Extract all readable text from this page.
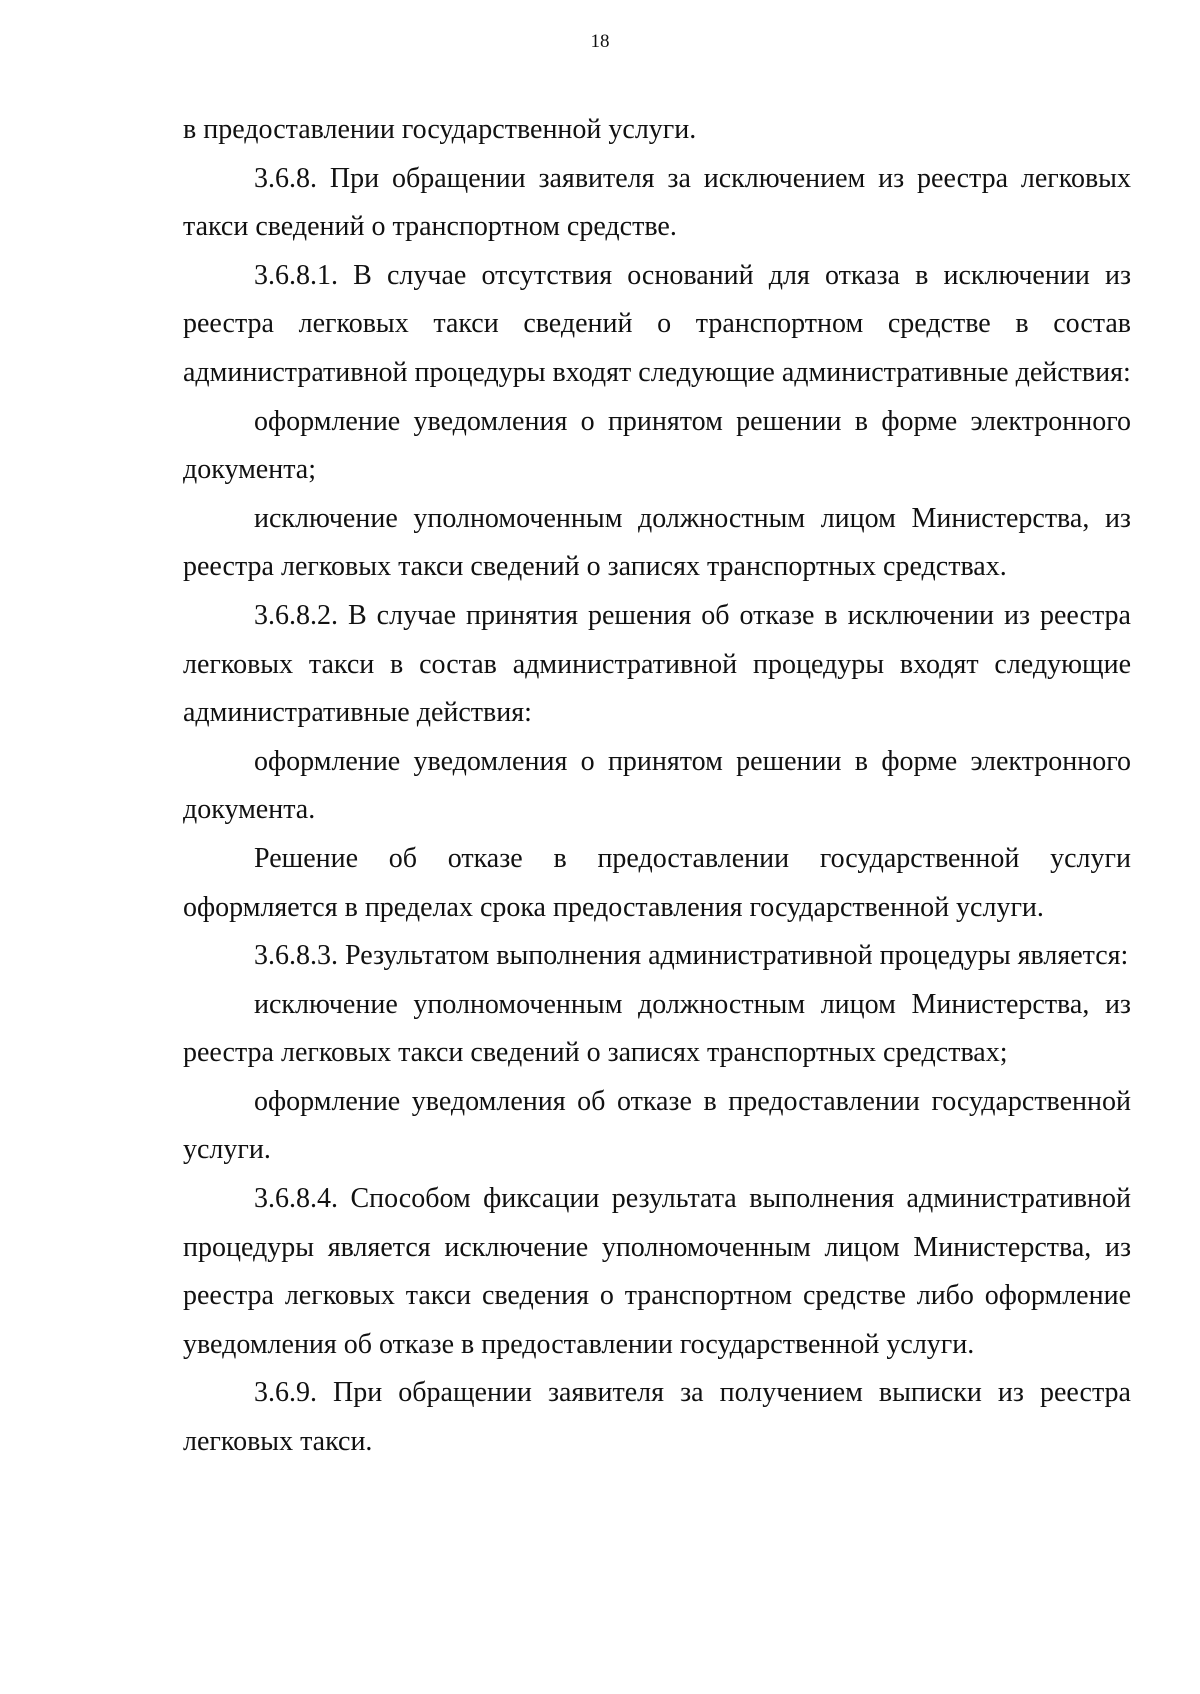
18

в предоставлении государственной услуги.

3.6.8. При обращении заявителя за исключением из реестра легковых такси сведений о транспортном средстве.

3.6.8.1. В случае отсутствия оснований для отказа в исключении из реестра легковых такси сведений о транспортном средстве в состав административной процедуры входят следующие административные действия:

оформление уведомления о принятом решении в форме электронного документа;

исключение уполномоченным должностным лицом Министерства, из реестра легковых такси сведений о записях транспортных средствах.

3.6.8.2. В случае принятия решения об отказе в исключении из реестра легковых такси в состав административной процедуры входят следующие административные действия:

оформление уведомления о принятом решении в форме электронного документа.

Решение об отказе в предоставлении государственной услуги оформляется в пределах срока предоставления государственной услуги.

3.6.8.3. Результатом выполнения административной процедуры является:

исключение уполномоченным должностным лицом Министерства, из реестра легковых такси сведений о записях транспортных средствах;

оформление уведомления об отказе в предоставлении государственной услуги.

3.6.8.4. Способом фиксации результата выполнения административной процедуры является исключение уполномоченным лицом Министерства, из реестра легковых такси сведения о транспортном средстве либо оформление уведомления об отказе в предоставлении государственной услуги.

3.6.9. При обращении заявителя за получением выписки из реестра легковых такси.
